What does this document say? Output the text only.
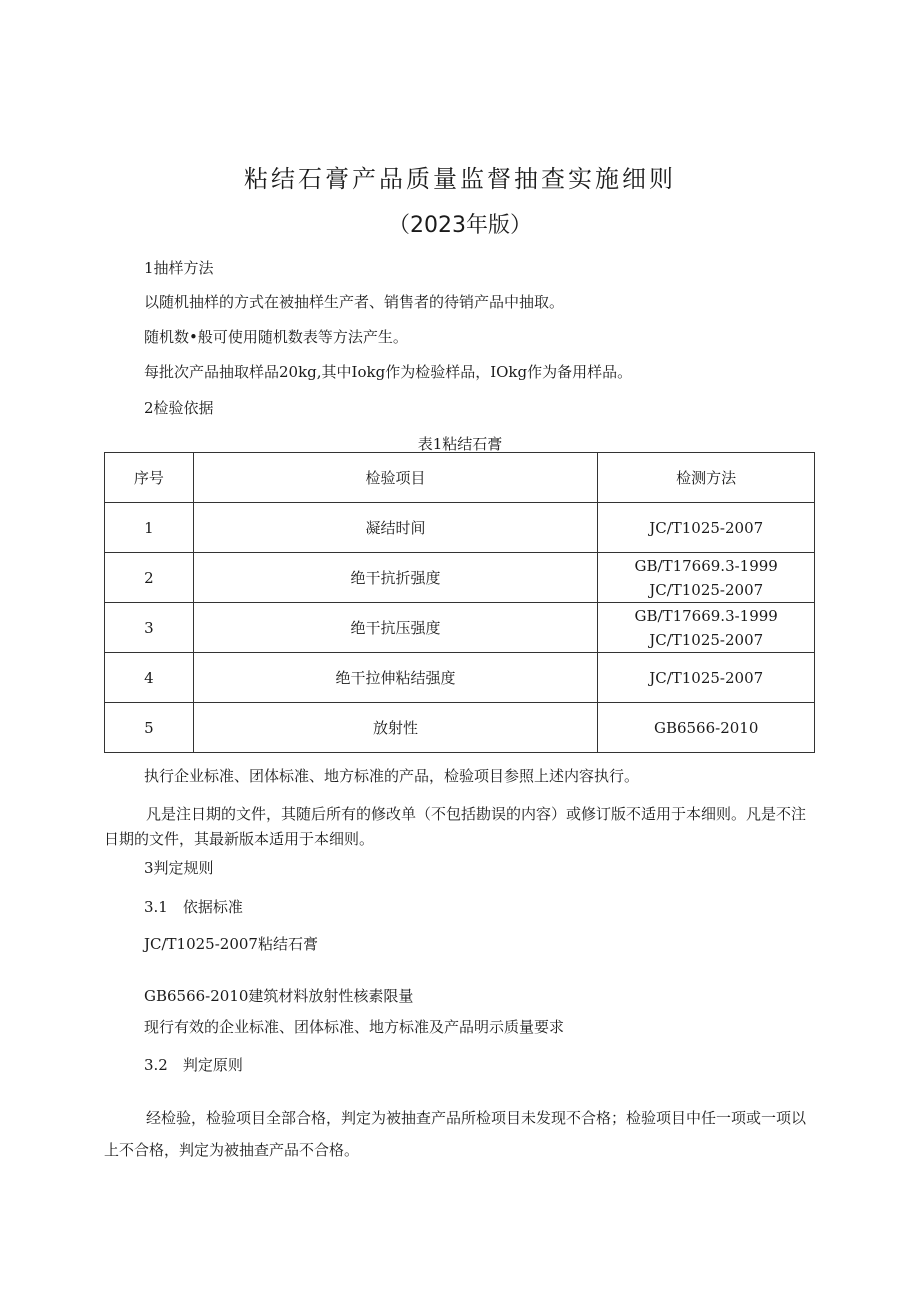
粘结石膏产品质量监督抽查实施细则
（2023年版）
1抽样方法
以随机抽样的方式在被抽样生产者、销售者的待销产品中抽取。
随机数•般可使用随机数表等方法产生。
每批次产品抽取样品20kg,其中Iokg作为检验样品，IOkg作为备用样品。
2检验依据
表1粘结石膏
序号	检验项目	检测方法
1	凝结时间	JC/T1025-2007

2	绝干抗折强度	GB/T17669.3-1999
JC/T1025-2007

3	绝干抗压强度	GB/T17669.3-1999
JC/T1025-2007

4	绝干拉伸粘结强度	JC/T1025-2007

5	放射性	GB6566-2010
执行企业标准、团体标准、地方标准的产品，检验项目参照上述内容执行。
凡是注日期的文件，其随后所有的修改单（不包括勘误的内容）或修订版不适用于本细则。凡是不注日期的文件，其最新版本适用于本细则。
3判定规则
3.1　依据标准
JC/T1025-2007粘结石膏
GB6566-2010建筑材料放射性核素限量
现行有效的企业标准、团体标准、地方标准及产品明示质量要求
3.2　判定原则
经检验，检验项目全部合格，判定为被抽查产品所检项目未发现不合格；检验项目中任一项或一项以上不合格，判定为被抽查产品不合格。
